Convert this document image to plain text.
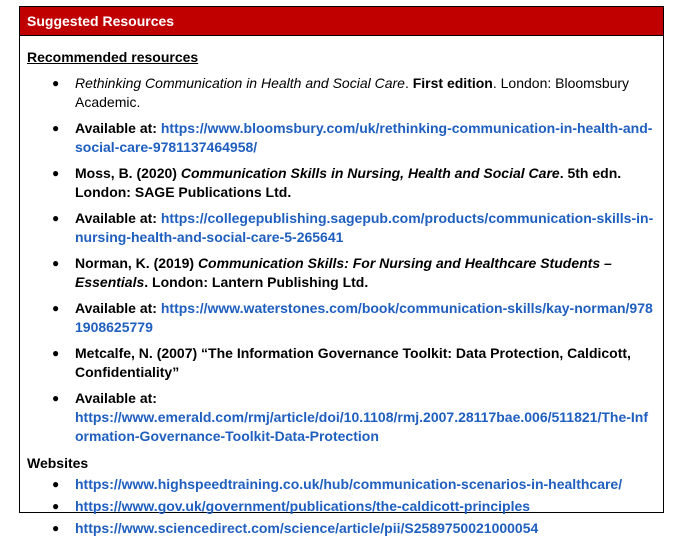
Suggested Resources
Recommended resources
● Rethinking Communication in Health and Social Care. First edition. London: Bloomsbury Academic.
● Available at: https://www.bloomsbury.com/uk/rethinking-communication-in-health-and-social-care-9781137464958/
● Moss, B. (2020) Communication Skills in Nursing, Health and Social Care. 5th edn. London: SAGE Publications Ltd.
● Available at: https://collegepublishing.sagepub.com/products/communication-skills-in-nursing-health-and-social-care-5-265641
● Norman, K. (2019) Communication Skills: For Nursing and Healthcare Students – Essentials. London: Lantern Publishing Ltd.
● Available at: https://www.waterstones.com/book/communication-skills/kay-norman/9781908625779
● Metcalfe, N. (2007) “The Information Governance Toolkit: Data Protection, Caldicott, Confidentiality”
● Available at:
https://www.emerald.com/rmj/article/doi/10.1108/rmj.2007.28117bae.006/511821/The-Information-Governance-Toolkit-Data-Protection
Websites
● https://www.highspeedtraining.co.uk/hub/communication-scenarios-in-healthcare/
● https://www.gov.uk/government/publications/the-caldicott-principles
● https://www.sciencedirect.com/science/article/pii/S2589750021000054
